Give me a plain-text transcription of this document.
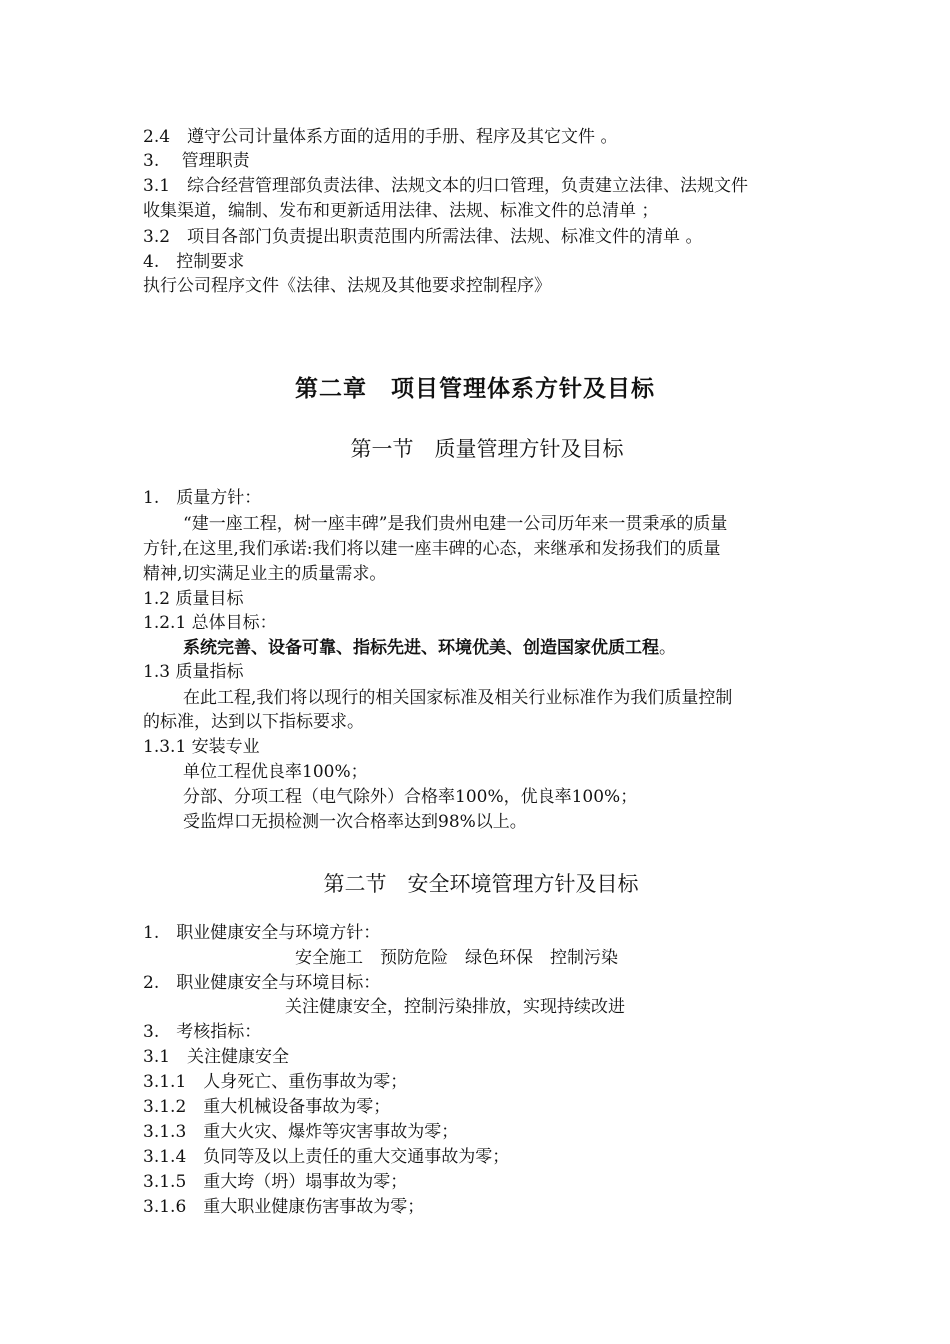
2.4　遵守公司计量体系方面的适用的手册、程序及其它文件 。
3.　 管理职责
3.1　综合经营管理部负责法律、法规文本的归口管理，负责建立法律、法规文件
收集渠道，编制、发布和更新适用法律、法规、标准文件的总清单 ；
3.2　项目各部门负责提出职责范围内所需法律、法规、标准文件的清单 。
4.　控制要求
执行公司程序文件《法律、法规及其他要求控制程序》
第二章　项目管理体系方针及目标
第一节　质量管理方针及目标
1.　质量方针：
“建一座工程，树一座丰碑”是我们贵州电建一公司历年来一贯秉承的质量
方针,在这里,我们承诺:我们将以建一座丰碑的心态，来继承和发扬我们的质量
精神,切实满足业主的质量需求。
1.2 质量目标
1.2.1 总体目标：
系统完善、设备可靠、指标先进、环境优美、创造国家优质工程。
1.3 质量指标
在此工程,我们将以现行的相关国家标准及相关行业标准作为我们质量控制
的标准，达到以下指标要求。
1.3.1 安装专业
单位工程优良率100%；
分部、分项工程（电气除外）合格率100%，优良率100%；
受监焊口无损检测一次合格率达到98%以上。
第二节　安全环境管理方针及目标
1.　职业健康安全与环境方针：
安全施工　预防危险　绿色环保　控制污染
2.　职业健康安全与环境目标：
关注健康安全，控制污染排放，实现持续改进
3.　考核指标：
3.1　关注健康安全
3.1.1　人身死亡、重伤事故为零；
3.1.2　重大机械设备事故为零；
3.1.3　重大火灾、爆炸等灾害事故为零；
3.1.4　负同等及以上责任的重大交通事故为零；
3.1.5　重大垮（坍）塌事故为零；
3.1.6　重大职业健康伤害事故为零；
